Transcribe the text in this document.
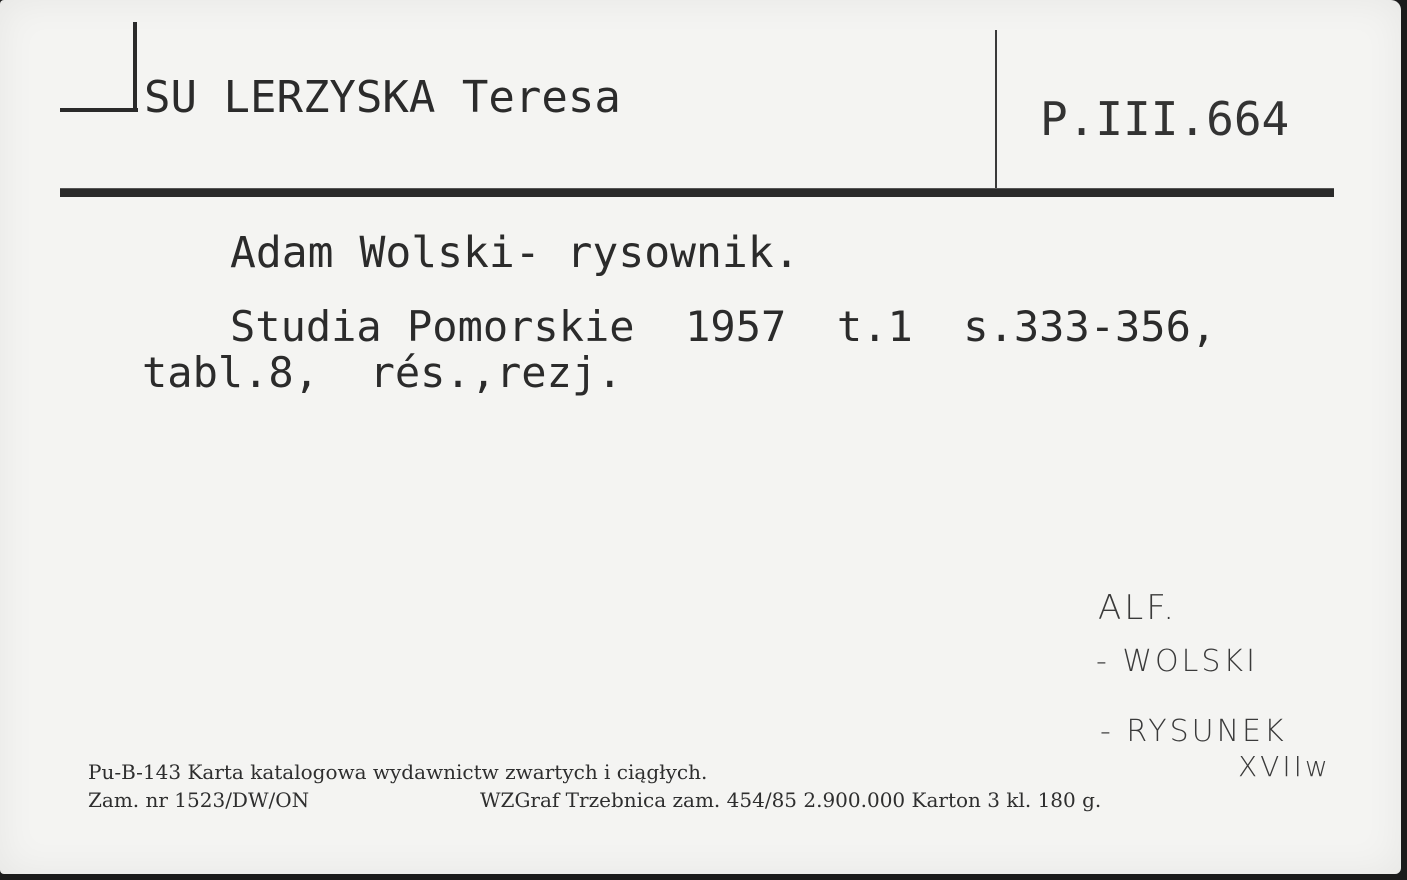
SU LERZYSKA Teresa	P.III.664

Adam Wolski- rysownik.

Studia Pomorskie  1957  t.1  s.333-356,

tabl.8,  rés.,rezj.

ALF.

- WOLSKI

- RYSUNEK

XVIIw

Pu-B-143 Karta katalogowa wydawnictw zwartych i ciągłych.

Zam. nr 1523/DW/ON	WZGraf Trzebnica zam. 454/85 2.900.000 Karton 3 kl. 180 g.
